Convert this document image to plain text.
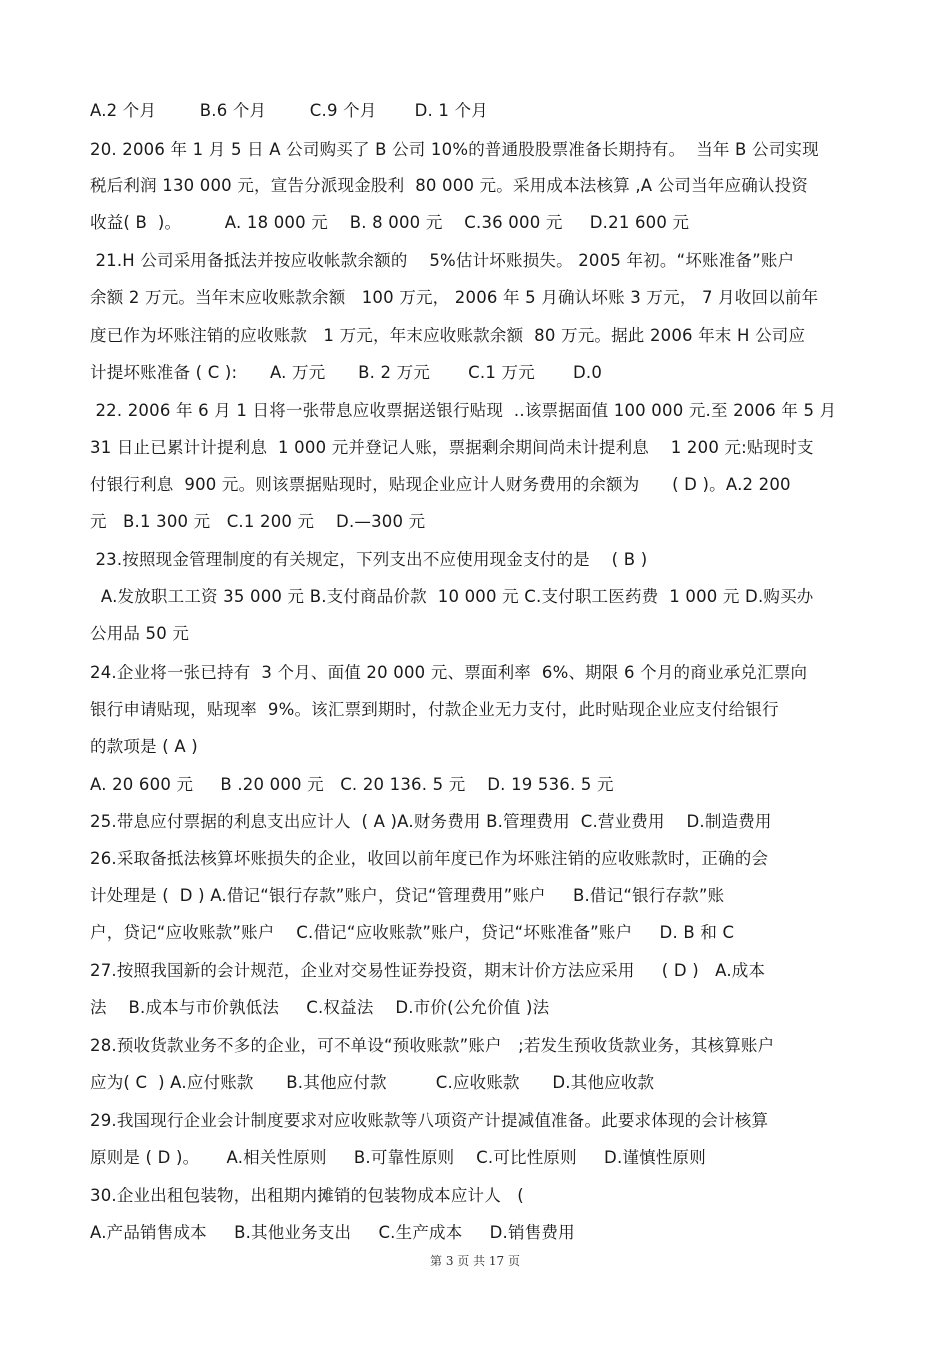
A.2 个月        B.6 个月        C.9 个月       D. 1 个月
20. 2006 年 1 月 5 日 A 公司购买了 B 公司 10%的普通股股票准备长期持有。  当年 B 公司实现
税后利润 130 000 元，宣告分派现金股利  80 000 元。采用成本法核算 ,A 公司当年应确认投资
收益( B  )。        A. 18 000 元    B. 8 000 元    C.36 000 元     D.21 600 元
21.H 公司采用备抵法并按应收帐款余额的    5%估计坏账损失。 2005 年初。“坏账准备”账户
余额 2 万元。当年末应收账款余额   100 万元， 2006 年 5 月确认坏账 3 万元， 7 月收回以前年
度已作为坏账注销的应收账款   1 万元，年末应收账款余额  80 万元。据此 2006 年末 H 公司应
计提坏账准备 ( C ):      A. 万元      B. 2 万元       C.1 万元       D.0
22. 2006 年 6 月 1 日将一张带息应收票据送银行贴现  ..该票据面值 100 000 元.至 2006 年 5 月
31 日止已累计计提利息  1 000 元并登记人账，票据剩余期间尚未计提利息    1 200 元:贴现时支
付银行利息  900 元。则该票据贴现时，贴现企业应计人财务费用的余额为      ( D )。A.2 200
元   B.1 300 元   C.1 200 元    D.—300 元
23.按照现金管理制度的有关规定，下列支出不应使用现金支付的是    ( B )
A.发放职工工资 35 000 元 B.支付商品价款  10 000 元 C.支付职工医药费  1 000 元 D.购买办
公用品 50 元
24.企业将一张已持有  3 个月、面值 20 000 元、票面利率  6%、期限 6 个月的商业承兑汇票向
银行申请贴现，贴现率  9%。该汇票到期时，付款企业无力支付，此时贴现企业应支付给银行
的款项是 ( A )
A. 20 600 元     B .20 000 元   C. 20 136. 5 元    D. 19 536. 5 元
25.带息应付票据的利息支出应计人  ( A )A.财务费用 B.管理费用  C.营业费用    D.制造费用
26.采取备抵法核算坏账损失的企业，收回以前年度已作为坏账注销的应收账款时，正确的会
计处理是 (  D ) A.借记“银行存款”账户，贷记“管理费用”账户     B.借记“银行存款”账
户，贷记“应收账款”账户    C.借记“应收账款”账户，贷记“坏账准备”账户     D. B 和 C
27.按照我国新的会计规范，企业对交易性证券投资，期末计价方法应采用     ( D )   A.成本
法    B.成本与市价孰低法     C.权益法    D.市价(公允价值 )法
28.预收货款业务不多的企业，可不单设“预收账款”账户   ;若发生预收货款业务，其核算账户
应为( C  ) A.应付账款      B.其他应付款         C.应收账款      D.其他应收款
29.我国现行企业会计制度要求对应收账款等八项资产计提减值准备。此要求体现的会计核算
原则是 ( D )。     A.相关性原则     B.可靠性原则    C.可比性原则     D.谨慎性原则
30.企业出租包装物，出租期内摊销的包装物成本应计人   (
A.产品销售成本     B.其他业务支出     C.生产成本     D.销售费用
第 3 页 共 17 页
